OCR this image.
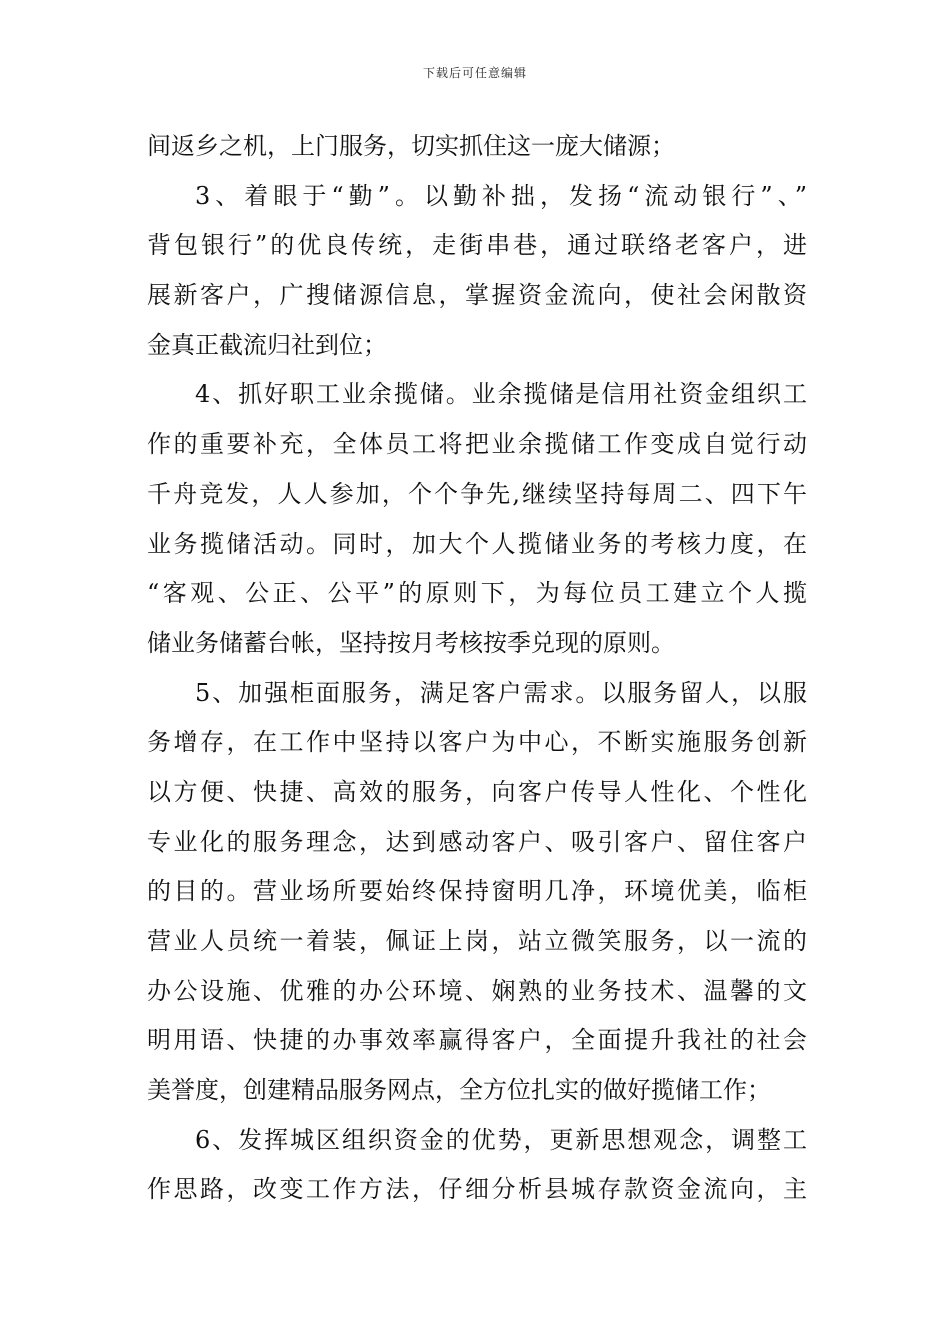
下载后可任意编辑
间返乡之机，上门服务，切实抓住这一庞大储源；
3、着眼于“勤”。以勤补拙，发扬“流动银行”、”
背包银行”的优良传统，走街串巷，通过联络老客户，进
展新客户，广搜储源信息，掌握资金流向，使社会闲散资
金真正截流归社到位；
4、抓好职工业余揽储。业余揽储是信用社资金组织工
作的重要补充，全体员工将把业余揽储工作变成自觉行动
千舟竞发，人人参加，个个争先,继续坚持每周二、四下午
业务揽储活动。同时，加大个人揽储业务的考核力度，在
“客观、公正、公平”的原则下，为每位员工建立个人揽
储业务储蓄台帐，坚持按月考核按季兑现的原则。
5、加强柜面服务，满足客户需求。以服务留人，以服
务增存，在工作中坚持以客户为中心，不断实施服务创新
以方便、快捷、高效的服务，向客户传导人性化、个性化
专业化的服务理念，达到感动客户、吸引客户、留住客户
的目的。营业场所要始终保持窗明几净，环境优美，临柜
营业人员统一着装，佩证上岗，站立微笑服务，以一流的
办公设施、优雅的办公环境、娴熟的业务技术、温馨的文
明用语、快捷的办事效率赢得客户，全面提升我社的社会
美誉度，创建精品服务网点，全方位扎实的做好揽储工作；
6、发挥城区组织资金的优势，更新思想观念，调整工
作思路，改变工作方法，仔细分析县城存款资金流向，主
